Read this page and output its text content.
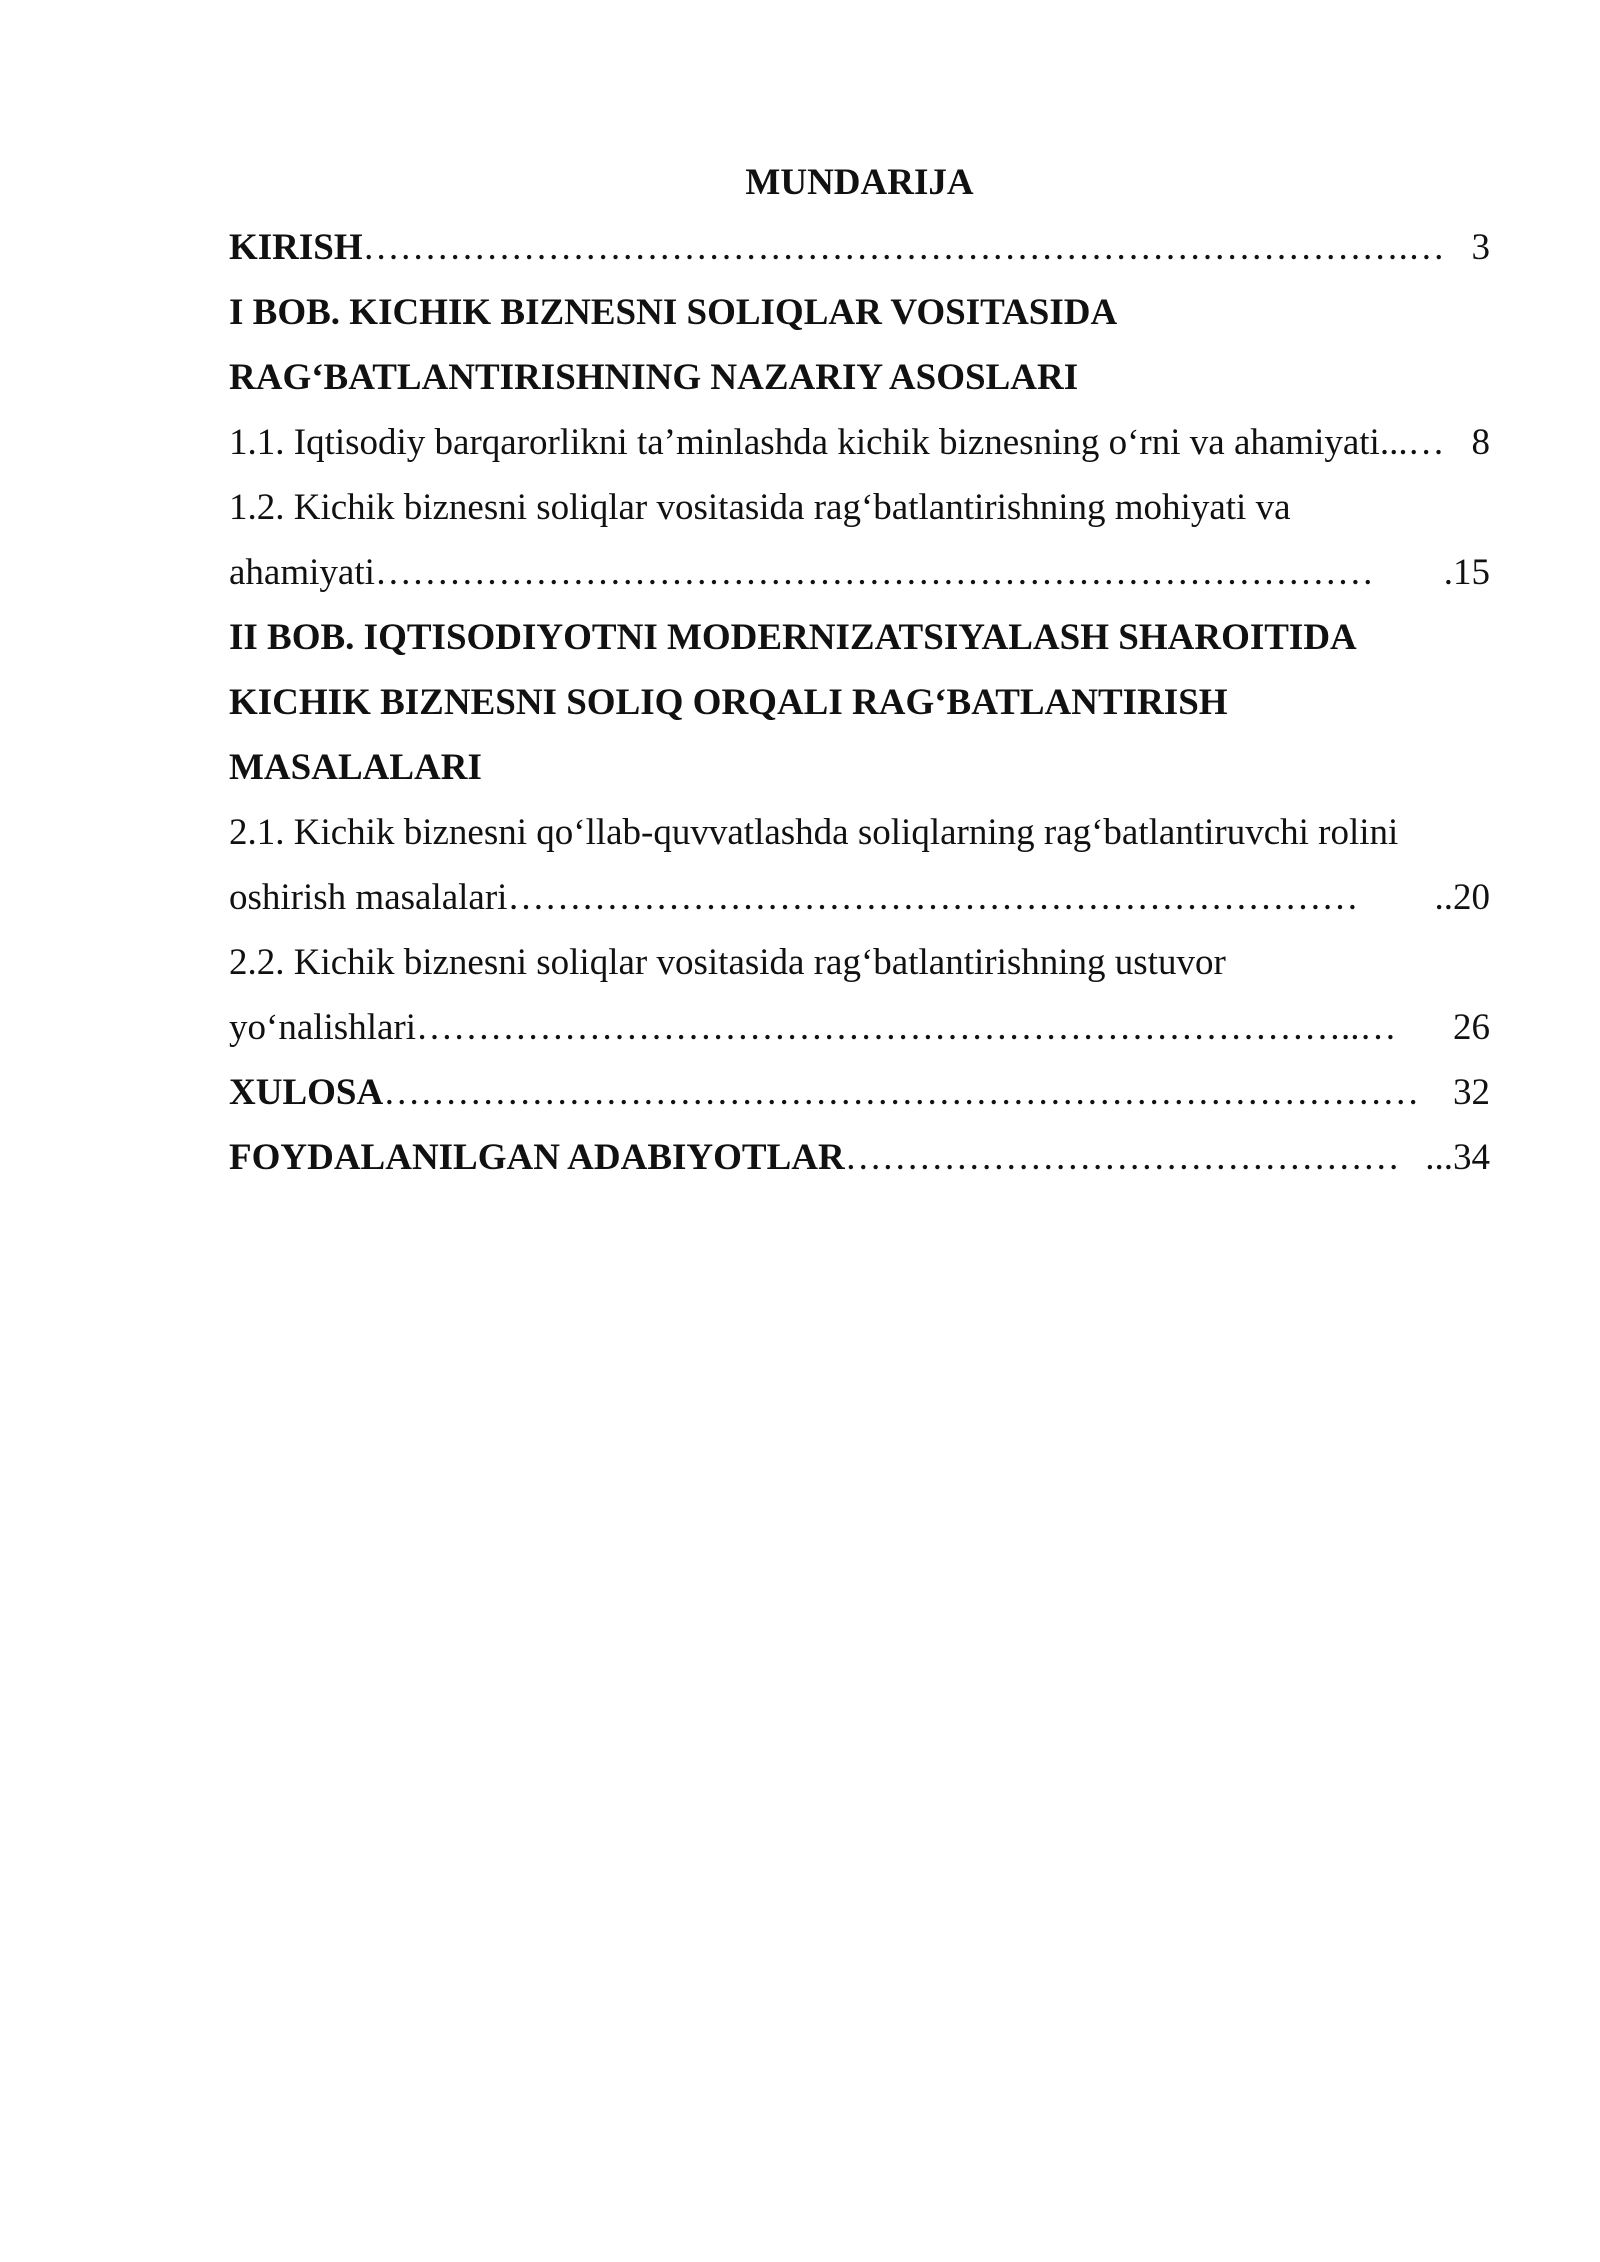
MUNDARIJA
KIRISH ………………………………………………………………………….… 3
I BOB. KICHIK BIZNESNI SOLIQLAR VOSITASIDA
RAG‘BATLANTIRISHNING NAZARIY ASOSLARI
1.1. Iqtisodiy barqarorlikni ta’minlashda kichik biznesning o‘rni va ahamiyati ...… 8
1.2. Kichik biznesni soliqlar vositasida rag‘batlantirishning mohiyati va
ahamiyati ………………………………………………………………………	.15
II BOB. IQTISODIYOTNI MODERNIZATSIYALASH SHAROITIDA
KICHIK BIZNESNI SOLIQ ORQALI RAG‘BATLANTIRISH
MASALALARI
2.1. Kichik biznesni qo‘llab-quvvatlashda soliqlarning rag‘batlantiruvchi rolini
oshirish masalalari ……………………………………………………………	..20
2.2. Kichik biznesni soliqlar vositasida rag‘batlantirishning ustuvor
yo‘nalishlari …………………………………………………………………..…	26
XULOSA ………………………………………………………………………… 32
FOYDALANILGAN ADABIYOTLAR ……………………………………… ...34
